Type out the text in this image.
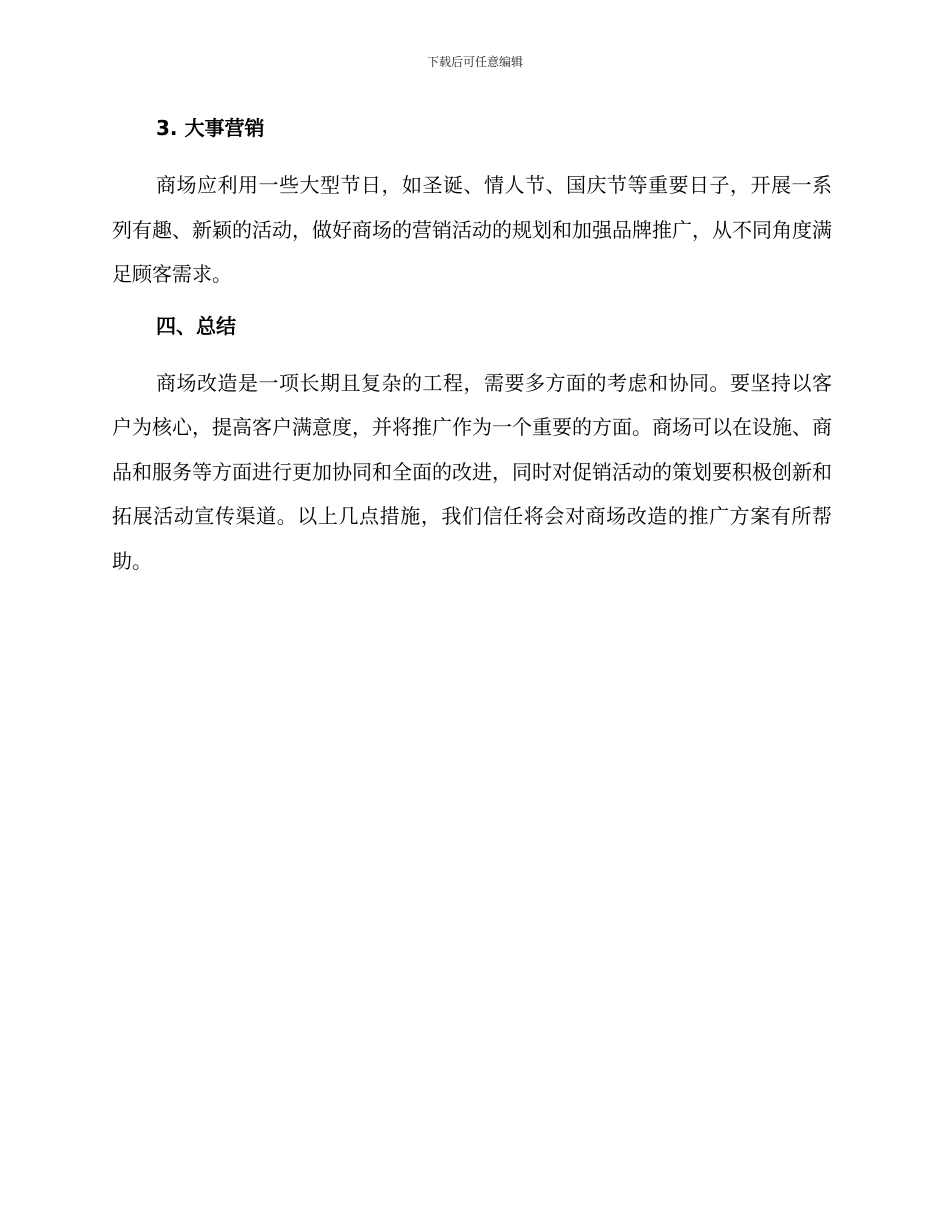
下载后可任意编辑
3. 大事营销

商场应利用一些大型节日，如圣诞、情人节、国庆节等重要日子，开展一系列有趣、新颖的活动，做好商场的营销活动的规划和加强品牌推广，从不同角度满足顾客需求。

四、总结

商场改造是一项长期且复杂的工程，需要多方面的考虑和协同。要坚持以客户为核心，提高客户满意度，并将推广作为一个重要的方面。商场可以在设施、商品和服务等方面进行更加协同和全面的改进，同时对促销活动的策划要积极创新和拓展活动宣传渠道。以上几点措施，我们信任将会对商场改造的推广方案有所帮助。
